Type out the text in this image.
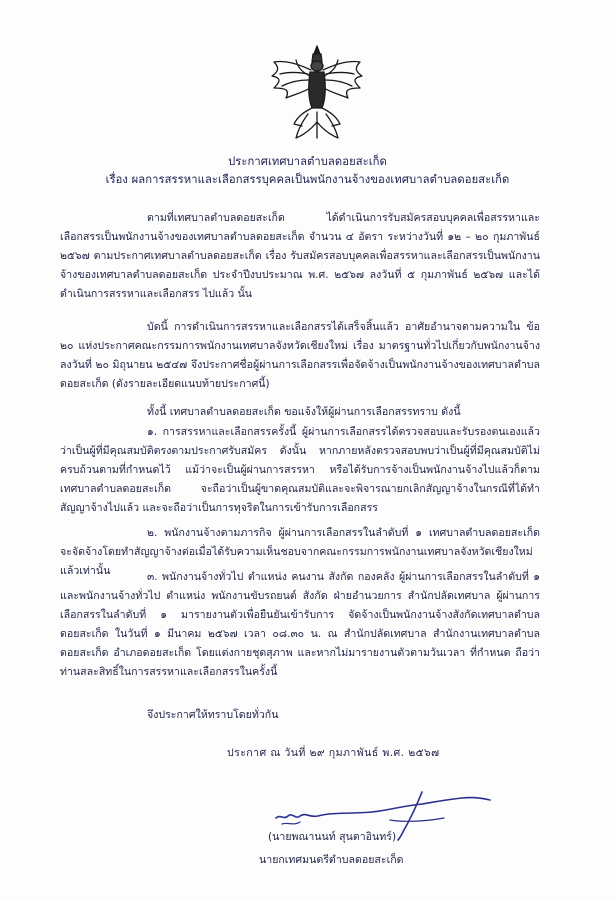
ประกาศเทศบาลตำบลดอยสะเก็ด
เรื่อง ผลการสรรหาและเลือกสรรบุคคลเป็นพนักงานจ้างของเทศบาลตำบลดอยสะเก็ด

ตามที่เทศบาลตำบลดอยสะเก็ด ได้ดำเนินการรับสมัครสอบบุคคลเพื่อสรรหาและเลือกสรรเป็นพนักงานจ้างของเทศบาลตำบลดอยสะเก็ด จำนวน ๔ อัตรา ระหว่างวันที่ ๑๒ – ๒๐ กุมภาพันธ์ ๒๕๖๗ ตามประกาศเทศบาลตำบลดอยสะเก็ด เรื่อง รับสมัครสอบบุคคลเพื่อสรรหาและเลือกสรรเป็นพนักงานจ้างของเทศบาลตำบลดอยสะเก็ด ประจำปีงบประมาณ พ.ศ. ๒๕๖๗ ลงวันที่ ๕ กุมภาพันธ์ ๒๕๖๗ และได้ดำเนินการสรรหาและเลือกสรร ไปแล้ว นั้น

บัดนี้ การดำเนินการสรรหาและเลือกสรรได้เสร็จสิ้นแล้ว อาศัยอำนาจตามความใน ข้อ ๒๐ แห่งประกาศคณะกรรมการพนักงานเทศบาลจังหวัดเชียงใหม่ เรื่อง มาตรฐานทั่วไปเกี่ยวกับพนักงานจ้าง ลงวันที่ ๒๐ มิถุนายน ๒๕๔๗ จึงประกาศชื่อผู้ผ่านการเลือกสรรเพื่อจัดจ้างเป็นพนักงานจ้างของเทศบาลตำบลดอยสะเก็ด (ดังรายละเอียดแนบท้ายประกาศนี้)

ทั้งนี้ เทศบาลตำบลดอยสะเก็ด ขอแจ้งให้ผู้ผ่านการเลือกสรรทราบ ดังนี้

๑. การสรรหาและเลือกสรรครั้งนี้ ผู้ผ่านการเลือกสรรได้ตรวจสอบและรับรองตนเองแล้วว่าเป็นผู้ที่มีคุณสมบัติตรงตามประกาศรับสมัคร ดังนั้น หากภายหลังตรวจสอบพบว่าเป็นผู้ที่มีคุณสมบัติไม่ครบถ้วนตามที่กำหนดไว้ แม้ว่าจะเป็นผู้ผ่านการสรรหา หรือได้รับการจ้างเป็นพนักงานจ้างไปแล้วก็ตาม เทศบาลตำบลดอยสะเก็ด จะถือว่าเป็นผู้ขาดคุณสมบัติและจะพิจารณายกเลิกสัญญาจ้างในกรณีที่ได้ทำสัญญาจ้างไปแล้ว และจะถือว่าเป็นการทุจริตในการเข้ารับการเลือกสรร

๒. พนักงานจ้างตามภารกิจ ผู้ผ่านการเลือกสรรในลำดับที่ ๑ เทศบาลตำบลดอยสะเก็ด จะจัดจ้างโดยทำสัญญาจ้างต่อเมื่อได้รับความเห็นชอบจากคณะกรรมการพนักงานเทศบาลจังหวัดเชียงใหม่แล้วเท่านั้น	๓. พนักงานจ้างทั่วไป ตำแหน่ง คนงาน สังกัด กองคลัง ผู้ผ่านการเลือกสรรในลำดับที่ ๑ และพนักงานจ้างทั่วไป ตำแหน่ง พนักงานขับรถยนต์ สังกัด ฝ่ายอำนวยการ สำนักปลัดเทศบาล ผู้ผ่านการเลือกสรรในลำดับที่ ๑ มารายงานตัวเพื่อยืนยันเข้ารับการ จัดจ้างเป็นพนักงานจ้างสังกัดเทศบาลตำบลดอยสะเก็ด ในวันที่ ๑ มีนาคม ๒๕๖๗ เวลา ๐๘.๓๐ น. ณ สำนักปลัดเทศบาล สำนักงานเทศบาลตำบลดอยสะเก็ด อำเภอดอยสะเก็ด โดยแต่งกายชุดสุภาพ และหากไม่มารายงานตัวตามวันเวลา ที่กำหนด ถือว่าท่านสละสิทธิ์ในการสรรหาและเลือกสรรในครั้งนี้

จึงประกาศให้ทราบโดยทั่วกัน

ประกาศ ณ วันที่ ๒๙ กุมภาพันธ์ พ.ศ. ๒๕๖๗

(นายพณานนท์ สุนตาอินทร์)

นายกเทศมนตรีตำบลดอยสะเก็ด
